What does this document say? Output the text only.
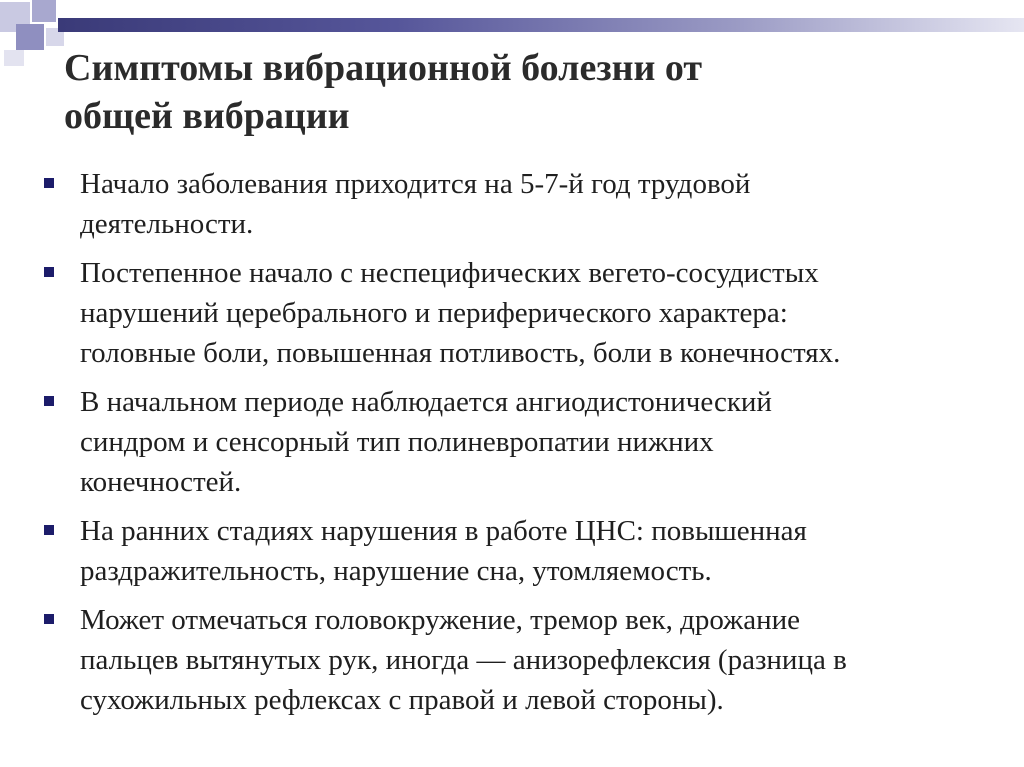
Симптомы вибрационной болезни от
общей вибрации
Начало заболевания приходится на 5-7-й год трудовой
деятельности.
Постепенное начало с неспецифических вегето-сосудистых
нарушений церебрального и периферического характера:
головные боли, повышенная потливость, боли в конечностях.
В начальном периоде наблюдается ангиодистонический
синдром и сенсорный тип полиневропатии нижних
конечностей.
На ранних стадиях нарушения в работе ЦНС: повышенная
раздражительность, нарушение сна, утомляемость.
Может отмечаться головокружение, тремор век, дрожание
пальцев вытянутых рук, иногда — анизорефлексия (разница в
сухожильных рефлексах с правой и левой стороны).
